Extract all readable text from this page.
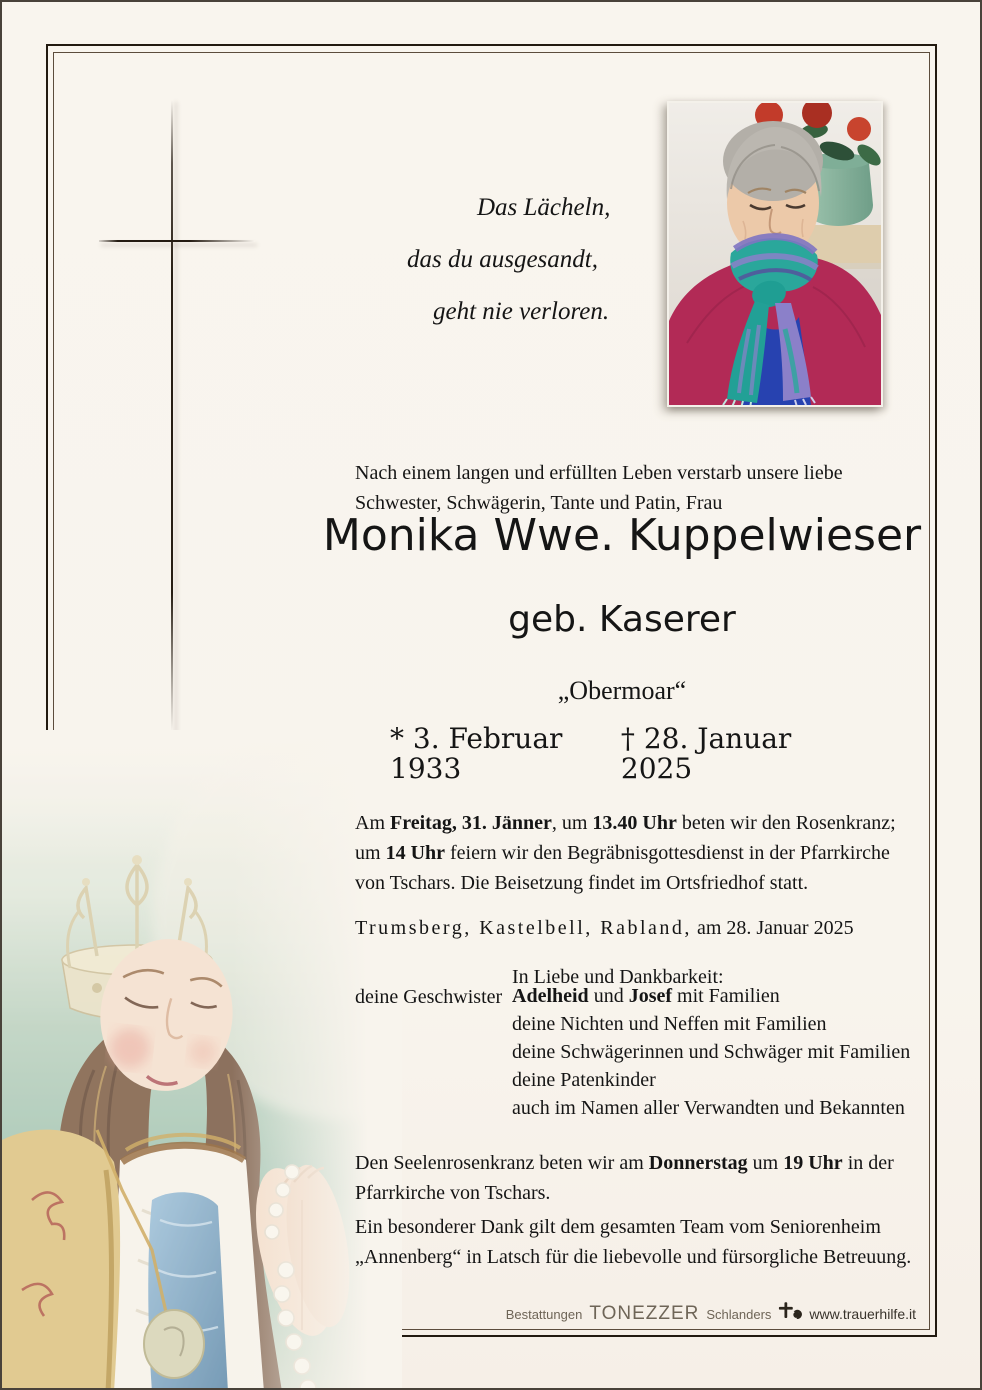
Das Lächeln,
das du ausgesandt,
geht nie verloren.

Nach einem langen und erfüllten Leben verstarb unsere liebe Schwester, Schwägerin, Tante und Patin, Frau

Monika Wwe. Kuppelwieser
geb. Kaserer
„Obermoar“
* 3. Februar 1933
† 28. Januar 2025

Am Freitag, 31. Jänner, um 13.40 Uhr beten wir den Rosenkranz; um 14 Uhr feiern wir den Begräbnisgottesdienst in der Pfarrkirche von Tschars. Die Beisetzung findet im Ortsfriedhof statt.

Trumsberg, Kastelbell, Rabland, am 28. Januar 2025

In Liebe und Dankbarkeit:

deine Geschwister Adelheid und Josef mit Familien
deine Nichten und Neffen mit Familien
deine Schwägerinnen und Schwäger mit Familien
deine Patenkinder
auch im Namen aller Verwandten und Bekannten

Den Seelenrosenkranz beten wir am Donnerstag um 19 Uhr in der Pfarrkirche von Tschars.

Ein besonderer Dank gilt dem gesamten Team vom Seniorenheim „Annenberg“ in Latsch für die liebevolle und fürsorgliche Betreuung.

Bestattungen TONEZZER Schlanders	www.trauerhilfe.it
